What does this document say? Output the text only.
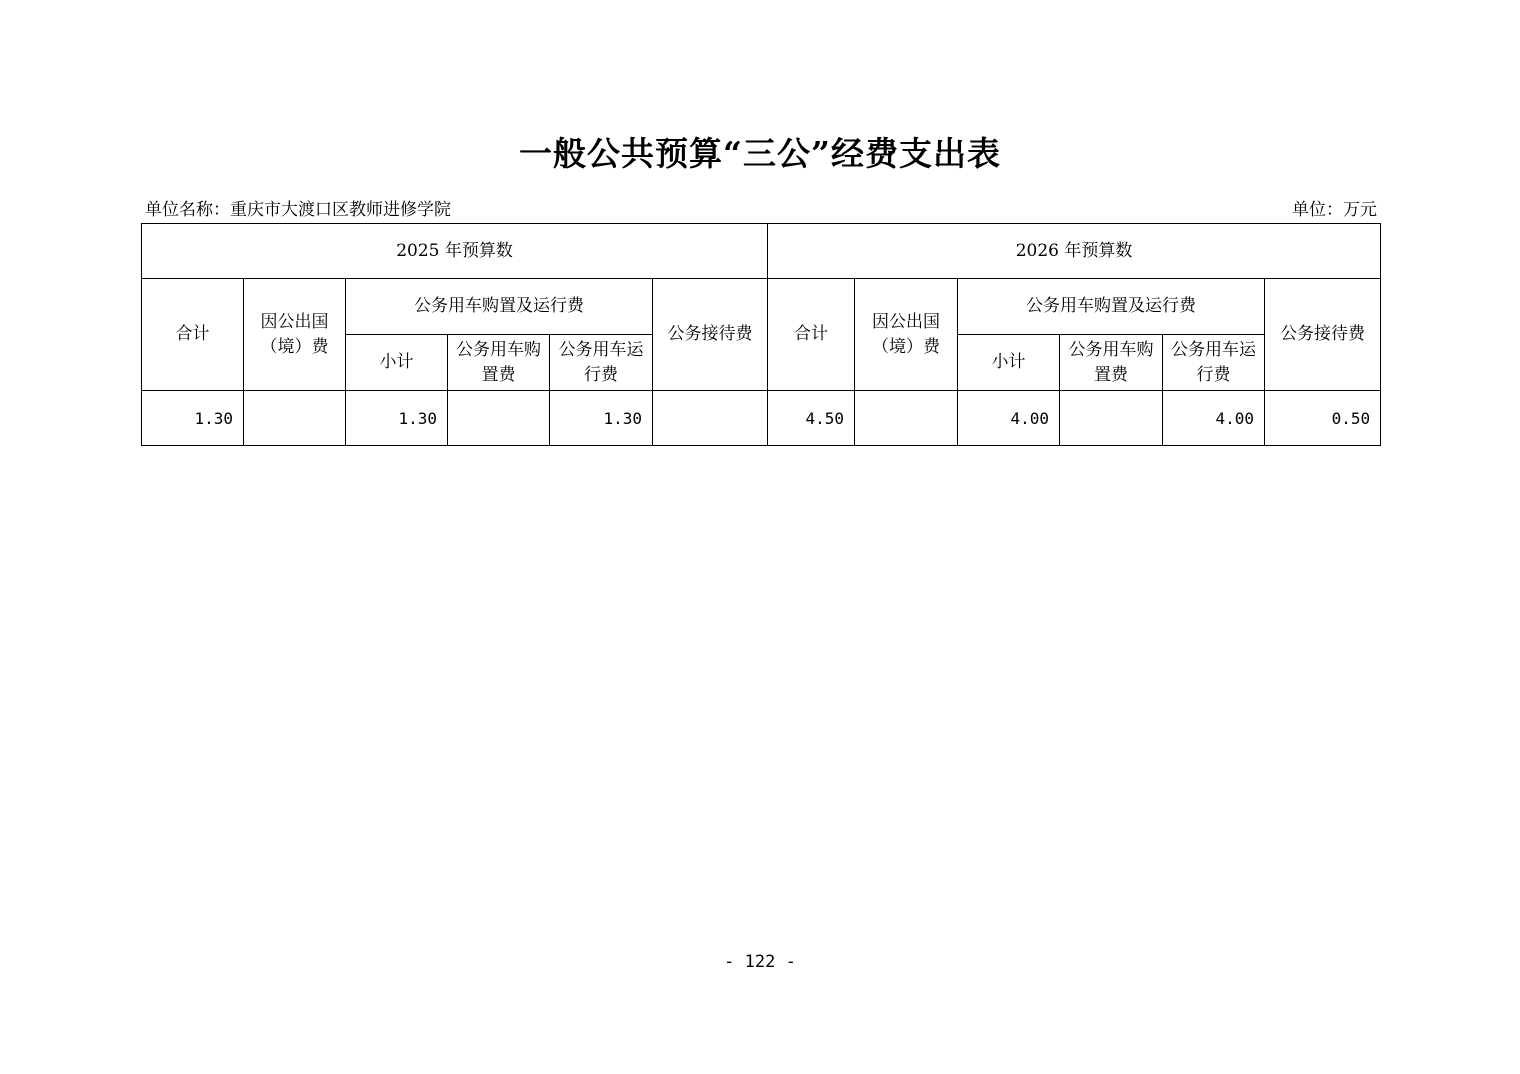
一般公共预算“三公”经费支出表
单位名称：重庆市大渡口区教师进修学院	单位：万元
2025 年预算数						2026 年预算数					
合计	因公出国（境）费	公务用车购置及运行费			公务接待费	合计	因公出国（境）费	公务用车购置及运行费			公务接待费
		小计	公务用车购置费	公务用车运行费				小计	公务用车购置费	公务用车运行费	
1.30		1.30		1.30		4.50		4.00		4.00	0.50
- 122 -
